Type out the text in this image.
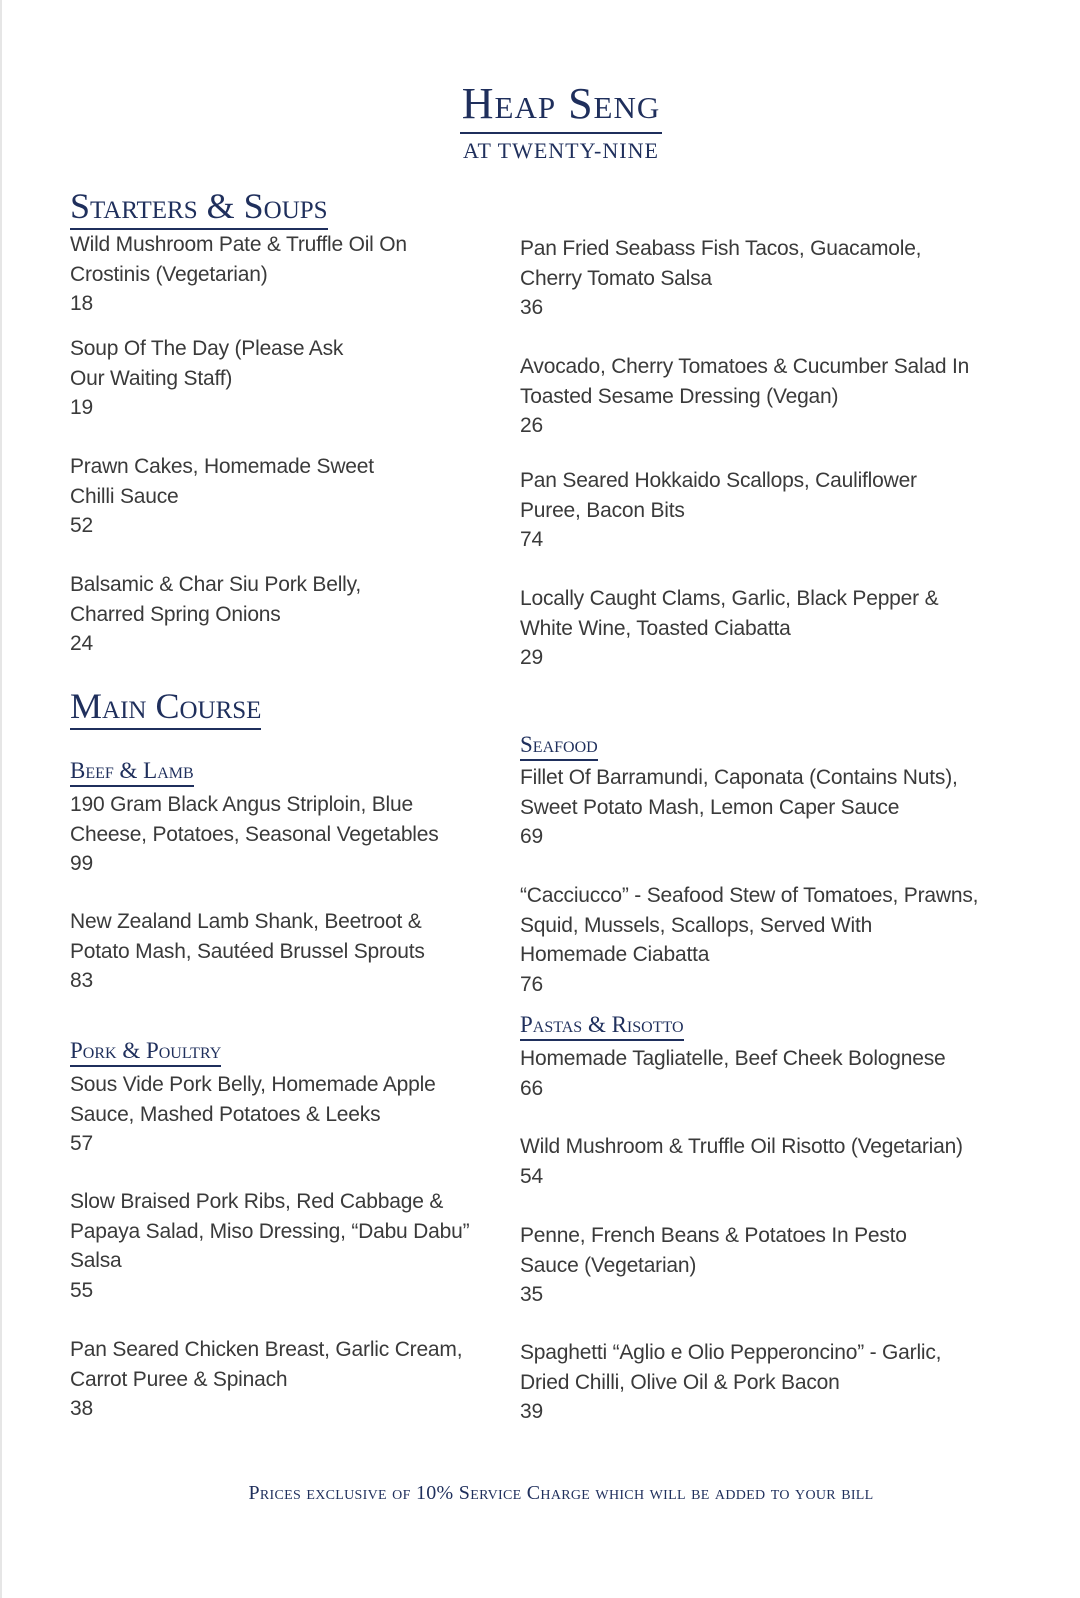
Heap Seng
AT TWENTY-NINE
Starters & Soups
Wild Mushroom Pate & Truffle Oil On Crostinis (Vegetarian)
18
Soup Of The Day (Please Ask Our Waiting Staff)
19
Prawn Cakes, Homemade Sweet Chilli Sauce
52
Balsamic & Char Siu Pork Belly, Charred Spring Onions
24
Pan Fried Seabass Fish Tacos, Guacamole, Cherry Tomato Salsa
36
Avocado, Cherry Tomatoes & Cucumber Salad In Toasted Sesame Dressing (Vegan)
26
Pan Seared Hokkaido Scallops, Cauliflower Puree, Bacon Bits
74
Locally Caught Clams, Garlic, Black Pepper & White Wine, Toasted Ciabatta
29
Main Course
Beef & Lamb
190 Gram Black Angus Striploin, Blue Cheese, Potatoes, Seasonal Vegetables
99
New Zealand Lamb Shank, Beetroot & Potato Mash, Sautéed Brussel Sprouts
83
Pork & Poultry
Sous Vide Pork Belly, Homemade Apple Sauce, Mashed Potatoes & Leeks
57
Slow Braised Pork Ribs, Red Cabbage & Papaya Salad, Miso Dressing, “Dabu Dabu” Salsa
55
Pan Seared Chicken Breast, Garlic Cream, Carrot Puree & Spinach
38
Seafood
Fillet Of Barramundi, Caponata (Contains Nuts), Sweet Potato Mash, Lemon Caper Sauce
69
“Cacciucco” - Seafood Stew of Tomatoes, Prawns, Squid, Mussels, Scallops, Served With Homemade Ciabatta
76
Pastas & Risotto
Homemade Tagliatelle, Beef Cheek Bolognese
66
Wild Mushroom & Truffle Oil Risotto (Vegetarian)
54
Penne, French Beans & Potatoes In Pesto Sauce (Vegetarian)
35
Spaghetti “Aglio e Olio Pepperoncino” - Garlic, Dried Chilli, Olive Oil & Pork Bacon
39
Prices exclusive of 10% Service Charge which will be added to your bill
